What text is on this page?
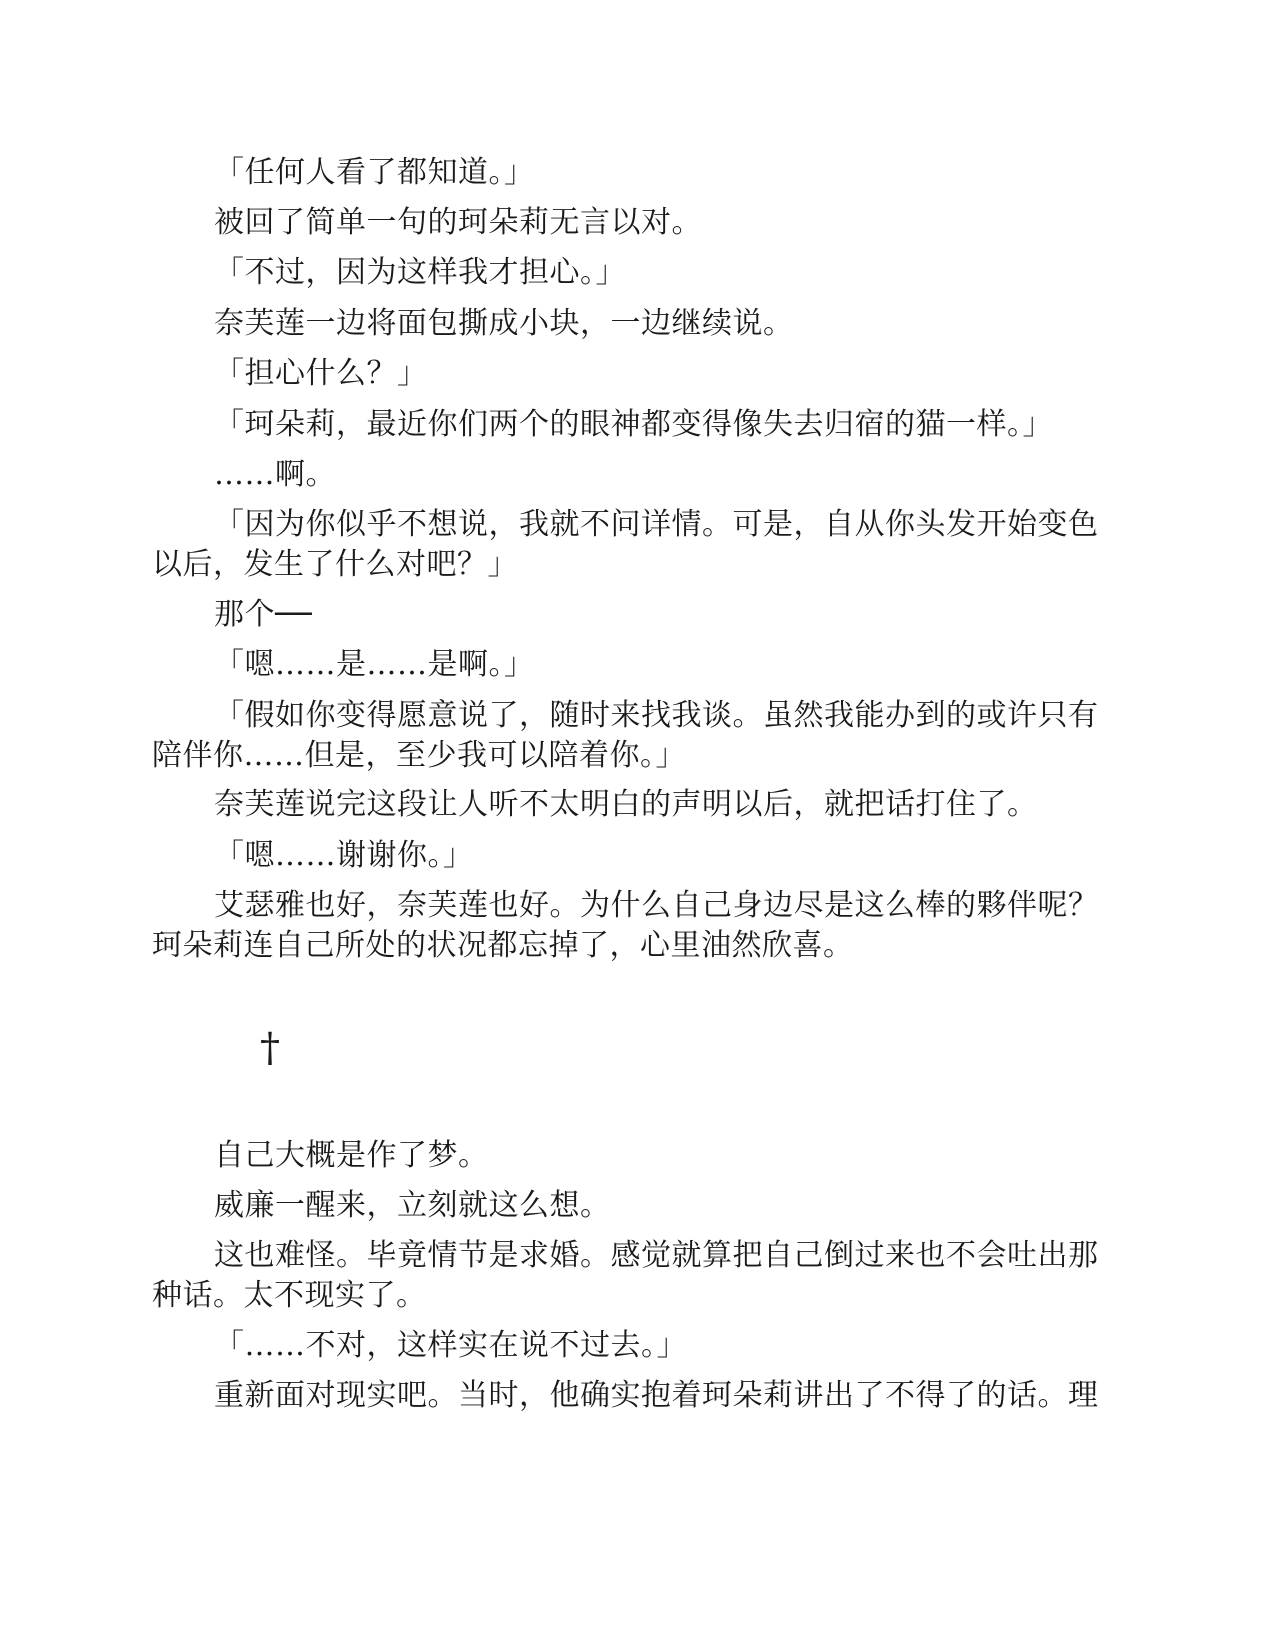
「任何人看了都知道。」

被回了简单一句的珂朵莉无言以对。

「不过，因为这样我才担心。」

奈芙莲一边将面包撕成小块，一边继续说。

「担心什么？」

「珂朵莉，最近你们两个的眼神都变得像失去归宿的猫一样。」

……啊。

「因为你似乎不想说，我就不问详情。可是，自从你头发开始变色以后，发生了什么对吧？」

那个──

「嗯……是……是啊。」

「假如你变得愿意说了，随时来找我谈。虽然我能办到的或许只有陪伴你……但是，至少我可以陪着你。」

奈芙莲说完这段让人听不太明白的声明以后，就把话打住了。

「嗯……谢谢你。」

艾瑟雅也好，奈芙莲也好。为什么自己身边尽是这么棒的夥伴呢？珂朵莉连自己所处的状况都忘掉了，心里油然欣喜。

†

自己大概是作了梦。

威廉一醒来，立刻就这么想。

这也难怪。毕竟情节是求婚。感觉就算把自己倒过来也不会吐出那种话。太不现实了。

「……不对，这样实在说不过去。」

重新面对现实吧。当时，他确实抱着珂朵莉讲出了不得了的话。理
